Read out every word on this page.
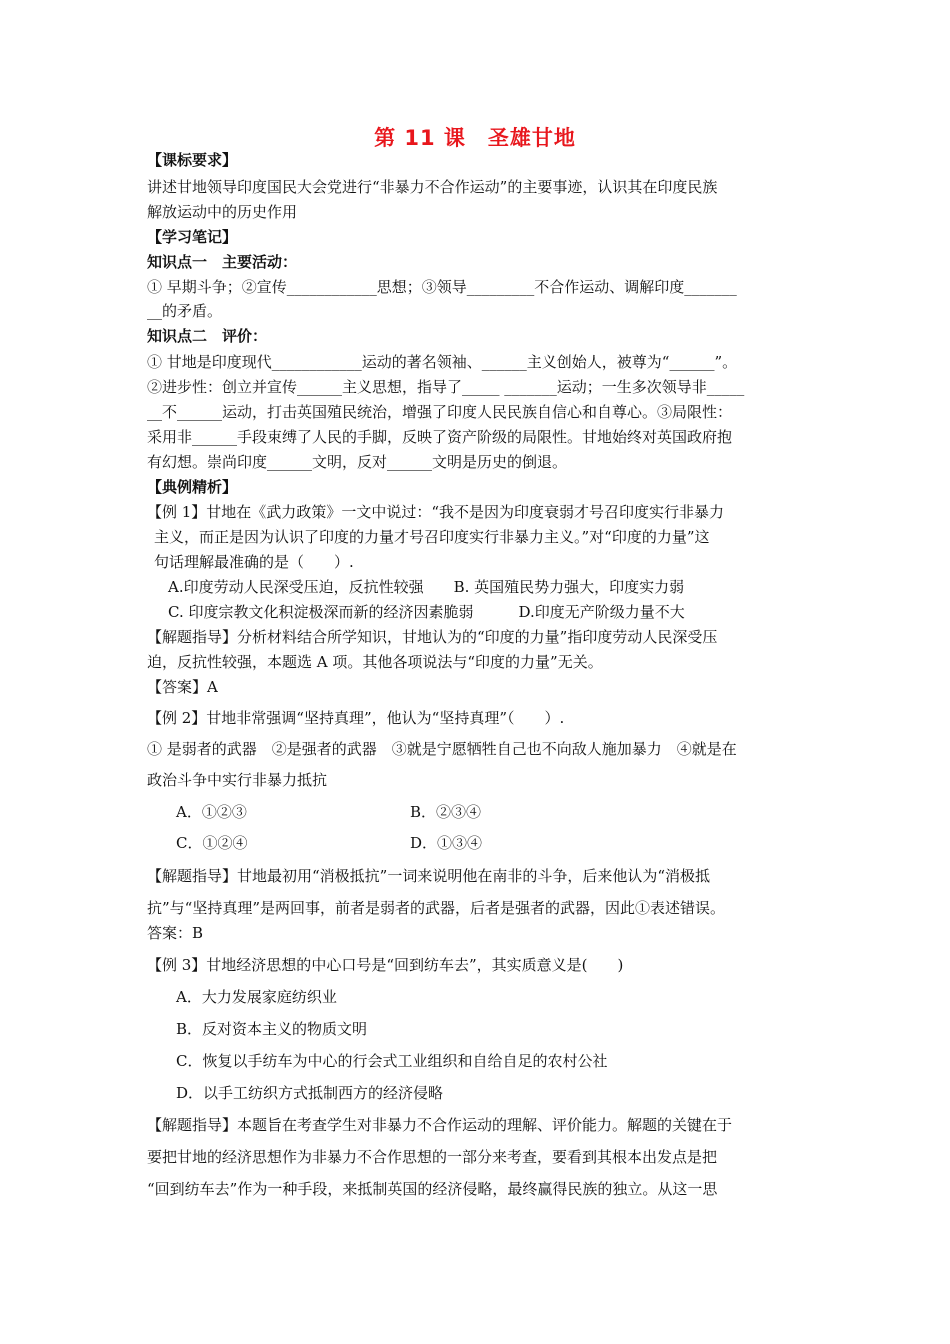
第 11 课　圣雄甘地
【课标要求】
讲述甘地领导印度国民大会党进行“非暴力不合作运动”的主要事迹，认识其在印度民族
解放运动中的历史作用
【学习笔记】
知识点一　主要活动：
① 早期斗争；②宣传____________思想；③领导_________不合作运动、调解印度_______
__的矛盾。
知识点二　评价：
① 甘地是印度现代____________运动的著名领袖、______主义创始人，被尊为“______”。
②进步性：创立并宣传______主义思想，指导了_____ _______运动；一生多次领导非_____
__不______运动，打击英国殖民统治，增强了印度人民民族自信心和自尊心。③局限性：
采用非______手段束缚了人民的手脚，反映了资产阶级的局限性。甘地始终对英国政府抱
有幻想。崇尚印度______文明，反对______文明是历史的倒退。
【典例精析】
【例 1】甘地在《武力政策》一文中说过：“我不是因为印度衰弱才号召印度实行非暴力
主义，而正是因为认识了印度的力量才号召印度实行非暴力主义。”对“印度的力量”这
句话理解最准确的是（　　）.
A.印度劳动人民深受压迫，反抗性较强　　B. 英国殖民势力强大，印度实力弱
C. 印度宗教文化积淀极深而新的经济因素脆弱　　　D.印度无产阶级力量不大
【解题指导】分析材料结合所学知识，甘地认为的“印度的力量”指印度劳动人民深受压
迫，反抗性较强，本题选 A 项。其他各项说法与“印度的力量”无关。
【答案】A
【例 2】甘地非常强调“坚持真理”，他认为“坚持真理”（　　）.
① 是弱者的武器　②是强者的武器　③就是宁愿牺牲自己也不向敌人施加暴力　④就是在
政治斗争中实行非暴力抵抗
A．①②③	B．②③④
C．①②④	D．①③④
【解题指导】甘地最初用“消极抵抗”一词来说明他在南非的斗争，后来他认为“消极抵
抗”与“坚持真理”是两回事，前者是弱者的武器，后者是强者的武器，因此①表述错误。
答案：B
【例 3】甘地经济思想的中心口号是“回到纺车去”，其实质意义是(　　)
A．大力发展家庭纺织业
B．反对资本主义的物质文明
C．恢复以手纺车为中心的行会式工业组织和自给自足的农村公社
D．以手工纺织方式抵制西方的经济侵略
【解题指导】本题旨在考查学生对非暴力不合作运动的理解、评价能力。解题的关键在于
要把甘地的经济思想作为非暴力不合作思想的一部分来考查，要看到其根本出发点是把
“回到纺车去”作为一种手段，来抵制英国的经济侵略，最终赢得民族的独立。从这一思
